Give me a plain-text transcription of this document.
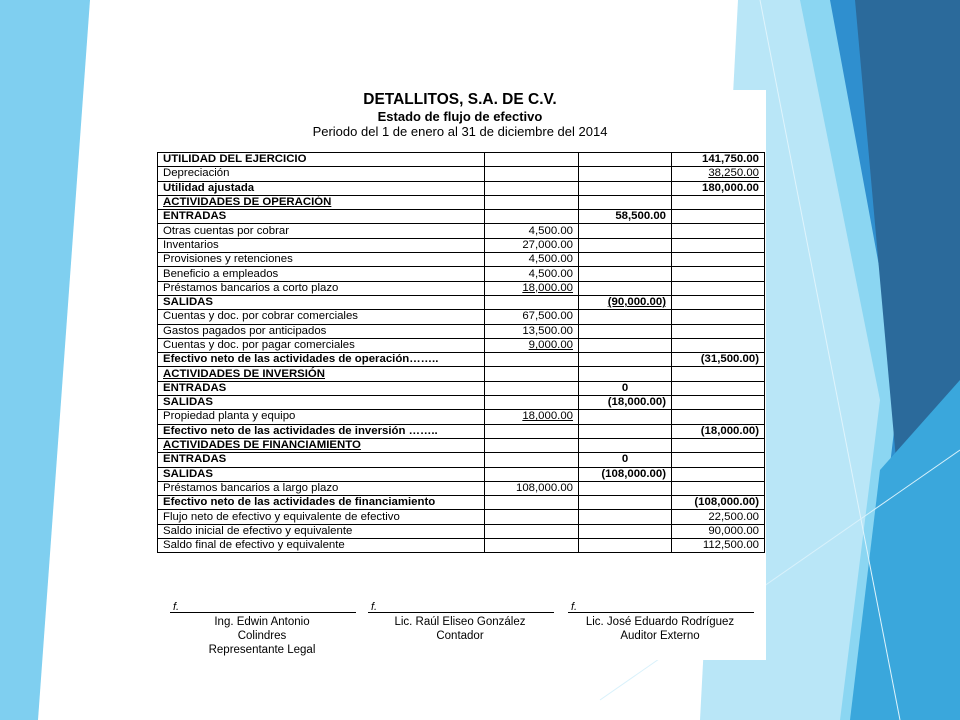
DETALLITOS, S.A. DE C.V.
Estado de flujo de efectivo
Periodo del 1 de enero al 31 de diciembre del 2014
UTILIDAD DEL EJERCICIO			141,750.00
Depreciación			38,250.00
Utilidad ajustada			180,000.00
ACTIVIDADES DE OPERACIÓN			
ENTRADAS		58,500.00	
Otras cuentas por cobrar	4,500.00		
Inventarios	27,000.00		
Provisiones y retenciones	4,500.00		
Beneficio a empleados	4,500.00		
Préstamos bancarios a corto plazo	18,000.00		
SALIDAS		(90,000.00)	
Cuentas y doc. por cobrar comerciales	67,500.00		
Gastos pagados por anticipados	13,500.00		
Cuentas y doc. por pagar comerciales	9,000.00		
Efectivo neto de las actividades de operación……..			(31,500.00)
ACTIVIDADES DE INVERSIÓN			
ENTRADAS		0	
SALIDAS		(18,000.00)	
Propiedad planta y equipo	18,000.00		
Efectivo neto de las actividades de inversión ……..			(18,000.00)
ACTIVIDADES DE FINANCIAMIENTO			
ENTRADAS		0	
SALIDAS		(108,000.00)	
Préstamos bancarios a largo plazo	108,000.00		
Efectivo neto de las actividades de financiamiento			(108,000.00)
Flujo neto de efectivo y equivalente de efectivo			22,500.00
Saldo inicial de efectivo y equivalente			90,000.00
Saldo final de efectivo y equivalente			112,500.00
f.
Ing. Edwin Antonio
Colindres
Representante Legal
f.
Lic. Raúl Eliseo González
Contador
f.
Lic. José Eduardo Rodríguez
Auditor Externo
